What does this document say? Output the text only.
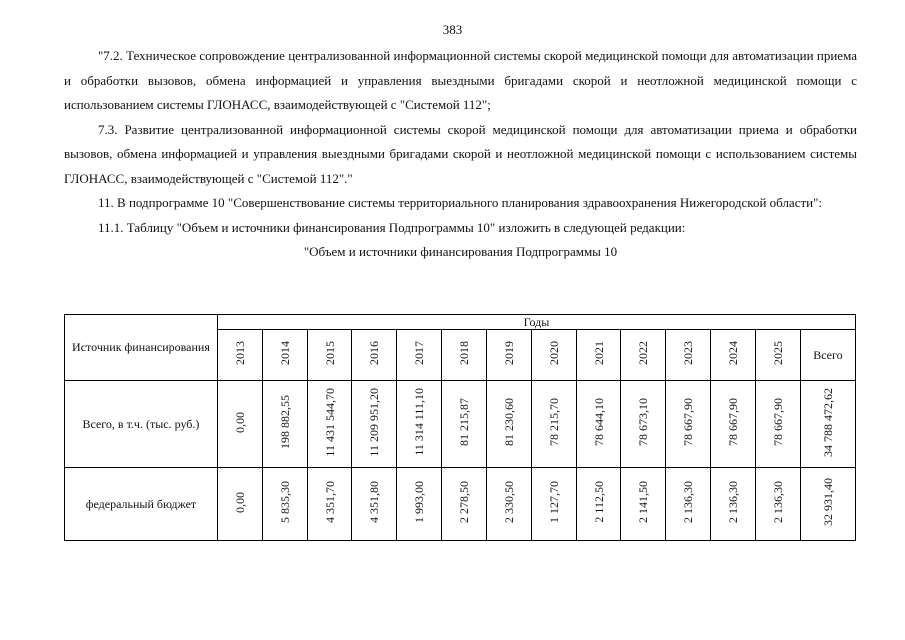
383

"7.2. Техническое сопровождение централизованной информационной системы скорой медицинской помощи для автоматизации приема и обработки вызовов, обмена информацией и управления выездными бригадами скорой и неотложной медицинской помощи с использованием системы ГЛОНАСС, взаимодействующей с "Системой 112";

7.3. Развитие централизованной информационной системы скорой медицинской помощи для автоматизации приема и обработки вызовов, обмена информацией и управления выездными бригадами скорой и неотложной медицинской помощи с использованием системы ГЛОНАСС, взаимодействующей с "Системой 112"."

11. В подпрограмме 10 "Совершенствование системы территориального планирования здравоохранения Нижегородской области":

11.1. Таблицу "Объем и источники финансирования Подпрограммы 10" изложить в следующей редакции:

"Объем и источники финансирования Подпрограммы 10

Источник финансирования	Годы													
	2013	2014	2015	2016	2017	2018	2019	2020	2021	2022	2023	2024	2025	Всего
Всего, в т.ч. (тыс. руб.)	0,00	198 882,55	11 431 544,70	11 209 951,20	11 314 111,10	81 215,87	81 230,60	78 215,70	78 644,10	78 673,10	78 667,90	78 667,90	78 667,90	34 788 472,62
федеральный бюджет	0,00	5 835,30	4 351,70	4 351,80	1 993,00	2 278,50	2 330,50	1 127,70	2 112,50	2 141,50	2 136,30	2 136,30	2 136,30	32 931,40
